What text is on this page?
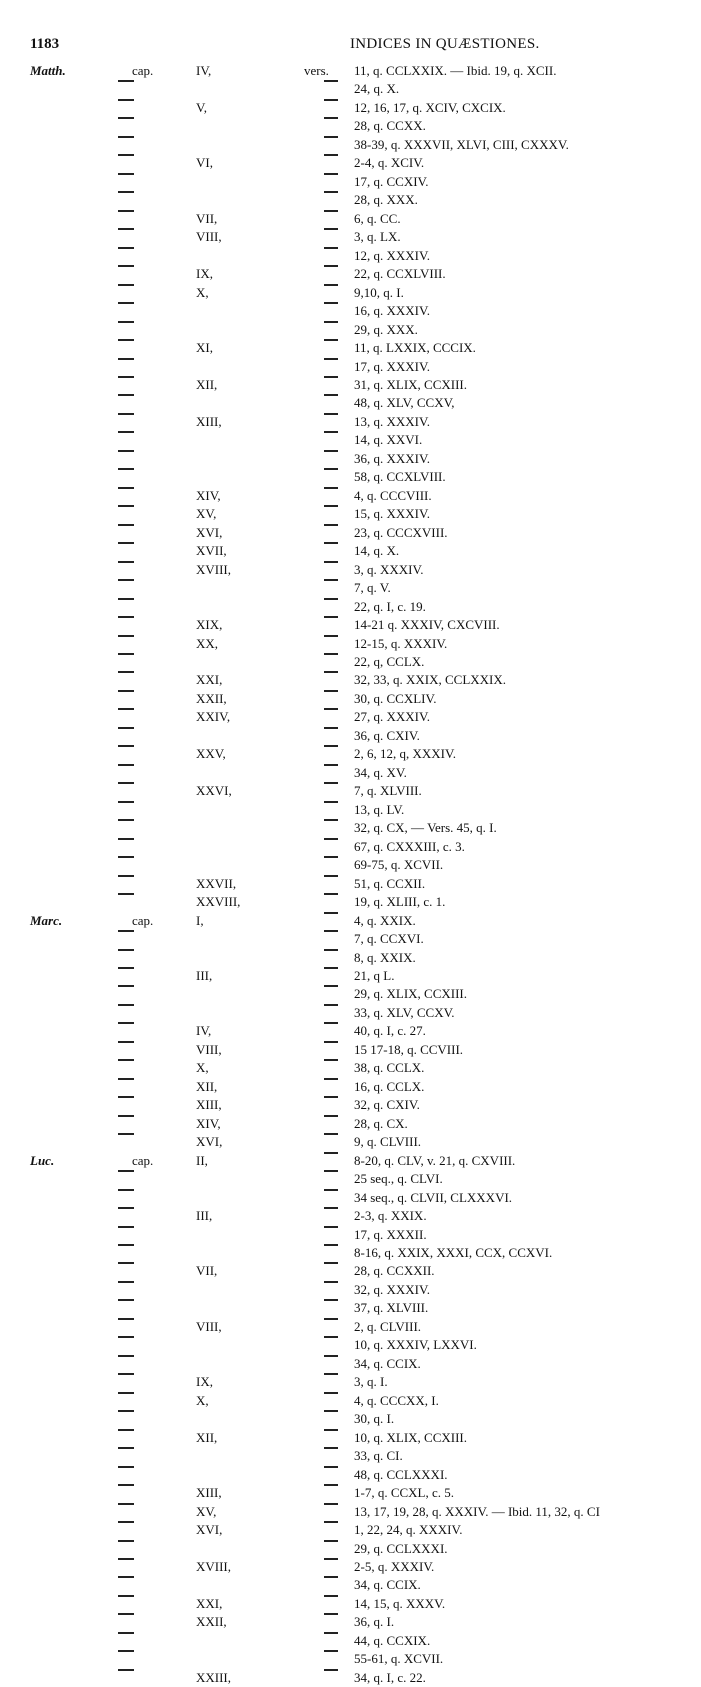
1183	INDICES IN QUÆSTIONES.
Matth.	cap.	IV,	vers. 11, q. CCLXXIX. — Ibid. 19, q. XCII.
24, q. X.
V,	12, 16, 17, q. XCIV, CXCIX.
28, q. CCXX.
38-39, q. XXXVII, XLVI, CIII, CXXXV.
VI,	2-4, q. XCIV.
17, q. CCXIV.
28, q. XXX.
VII,	6, q. CC.
VIII,	3, q. LX.
12, q. XXXIV.
IX,	22, q. CCXLVIII.
X,	9,10, q. I.
16, q. XXXIV.
29, q. XXX.
XI,	11, q. LXXIX, CCCIX.
17, q. XXXIV.
XII,	31, q. XLIX, CCXIII.
48, q. XLV, CCXV,
XIII,	13, q. XXXIV.
14, q. XXVI.
36, q. XXXIV.
58, q. CCXLVIII.
XIV,	4, q. CCCVIII.
XV,	15, q. XXXIV.
XVI,	23, q. CCCXVIII.
XVII,	14, q. X.
XVIII,	3, q. XXXIV.
7, q. V.
22, q. I, c. 19.
XIX,	14-21 q. XXXIV, CXCVIII.
XX,	12-15, q. XXXIV.
22, q, CCLX.
XXI,	32, 33, q. XXIX, CCLXXIX.
XXII,	30, q. CCXLIV.
XXIV,	27, q. XXXIV.
36, q. CXIV.
XXV,	2, 6, 12, q, XXXIV.
34, q. XV.
XXVI,	7, q. XLVIII.
13, q. LV.
32, q. CX, — Vers. 45, q. I.
67, q. CXXXIII, c. 3.
69-75, q. XCVII.
XXVII,	51, q. CCXII.
XXVIII,	19, q. XLIII, c. 1.
Marc.	cap.	I,	4, q. XXIX.
7, q. CCXVI.
8, q. XXIX.
III,	21, q L.
29, q. XLIX, CCXIII.
33, q. XLV, CCXV.
IV,	40, q. I, c. 27.
VIII,	15 17-18, q. CCVIII.
X,	38, q. CCLX.
XII,	16, q. CCLX.
XIII,	32, q. CXIV.
XIV,	28, q. CX.
XVI,	9, q. CLVIII.
Luc.	cap.	II,	8-20, q. CLV, v. 21, q. CXVIII.
25 seq., q. CLVI.
34 seq., q. CLVII, CLXXXVI.
III,	2-3, q. XXIX.
17, q. XXXII.
8-16, q. XXIX, XXXI, CCX, CCXVI.
VII,	28, q. CCXXII.
32, q. XXXIV.
37, q. XLVIII.
VIII,	2, q. CLVIII.
10, q. XXXIV, LXXVI.
34, q. CCIX.
IX,	3, q. I.
X,	4, q. CCCXX, I.
30, q. I.
XII,	10, q. XLIX, CCXIII.
33, q. CI.
48, q. CCLXXXI.
XIII,	1-7, q. CCXL, c. 5.
XV,	13, 17, 19, 28, q. XXXIV. — Ibid. 11, 32, q. CI
XVI,	1, 22, 24, q. XXXIV.
29, q. CCLXXXI.
XVIII,	2-5, q. XXXIV.
34, q. CCIX.
XXI,	14, 15, q. XXXV.
XXII,	36, q. I.
44, q. CCXIX.
55-61, q. XCVII.
XXIII,	34, q. I, c. 22.
